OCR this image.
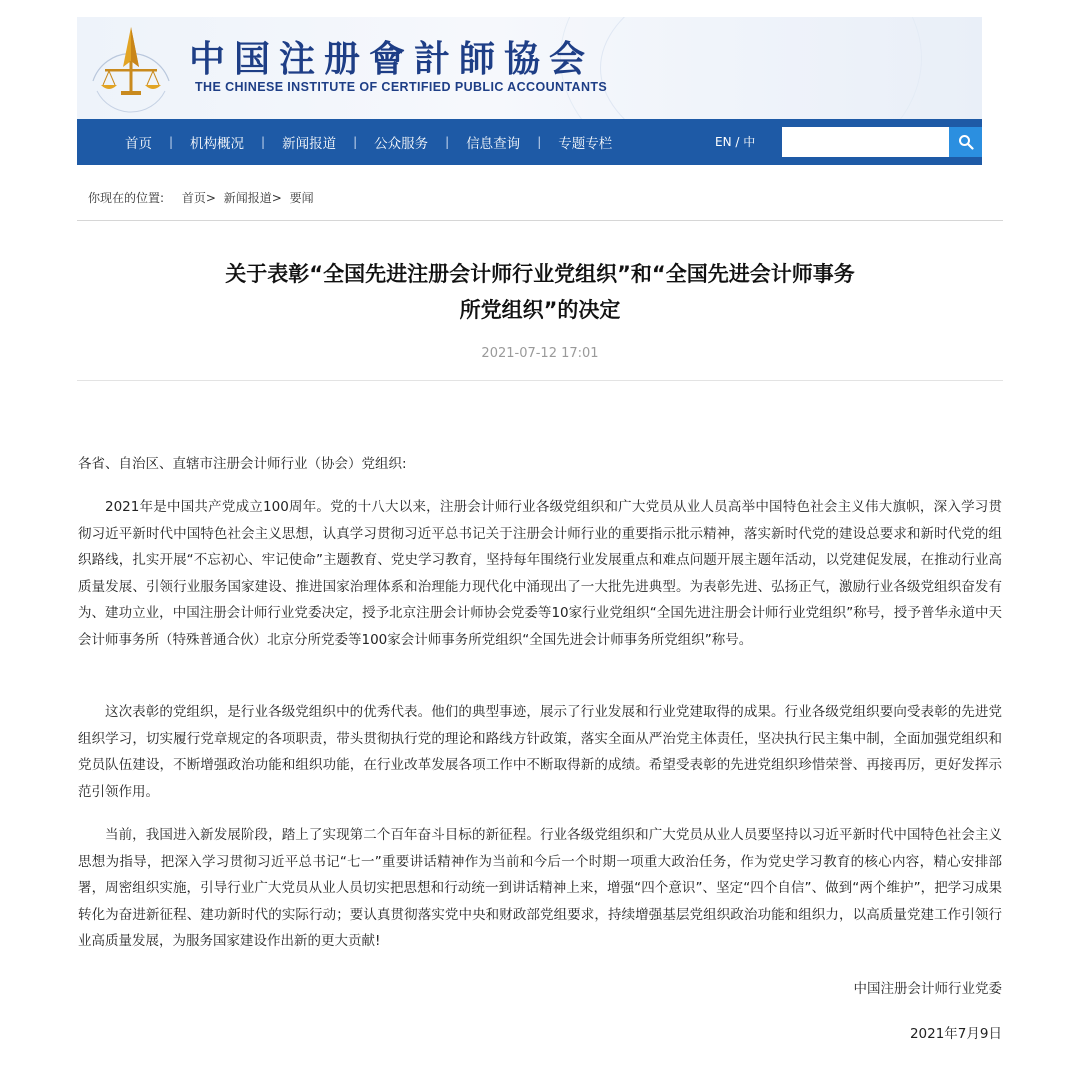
中国注册會計師協会
THE CHINESE INSTITUTE OF CERTIFIED PUBLIC ACCOUNTANTS
首页 | 机构概况 | 新闻报道 | 公众服务 | 信息查询 | 专题专栏	EN / 中
你现在的位置: 首页> 新闻报道> 要闻
关于表彰“全国先进注册会计师行业党组织”和“全国先进会计师事务
所党组织”的决定
2021-07-12 17:01
各省、自治区、直辖市注册会计师行业（协会）党组织:

2021年是中国共产党成立100周年。党的十八大以来，注册会计师行业各级党组织和广大党员从业人员高举中国特色社会主义伟大旗帜，深入学习贯彻习近平新时代中国特色社会主义思想，认真学习贯彻习近平总书记关于注册会计师行业的重要指示批示精神，落实新时代党的建设总要求和新时代党的组织路线，扎实开展“不忘初心、牢记使命”主题教育、党史学习教育，坚持每年围绕行业发展重点和难点问题开展主题年活动，以党建促发展，在推动行业高质量发展、引领行业服务国家建设、推进国家治理体系和治理能力现代化中涌现出了一大批先进典型。为表彰先进、弘扬正气，激励行业各级党组织奋发有为、建功立业，中国注册会计师行业党委决定，授予北京注册会计师协会党委等10家行业党组织“全国先进注册会计师行业党组织”称号，授予普华永道中天会计师事务所（特殊普通合伙）北京分所党委等100家会计师事务所党组织“全国先进会计师事务所党组织”称号。

这次表彰的党组织，是行业各级党组织中的优秀代表。他们的典型事迹，展示了行业发展和行业党建取得的成果。行业各级党组织要向受表彰的先进党组织学习，切实履行党章规定的各项职责，带头贯彻执行党的理论和路线方针政策，落实全面从严治党主体责任，坚决执行民主集中制，全面加强党组织和党员队伍建设，不断增强政治功能和组织功能，在行业改革发展各项工作中不断取得新的成绩。希望受表彰的先进党组织珍惜荣誉、再接再厉，更好发挥示范引领作用。

当前，我国进入新发展阶段，踏上了实现第二个百年奋斗目标的新征程。行业各级党组织和广大党员从业人员要坚持以习近平新时代中国特色社会主义思想为指导，把深入学习贯彻习近平总书记“七一”重要讲话精神作为当前和今后一个时期一项重大政治任务，作为党史学习教育的核心内容，精心安排部署，周密组织实施，引导行业广大党员从业人员切实把思想和行动统一到讲话精神上来，增强“四个意识”、坚定“四个自信”、做到“两个维护”，把学习成果转化为奋进新征程、建功新时代的实际行动；要认真贯彻落实党中央和财政部党组要求，持续增强基层党组织政治功能和组织力，以高质量党建工作引领行业高质量发展，为服务国家建设作出新的更大贡献!

中国注册会计师行业党委
2021年7月9日
